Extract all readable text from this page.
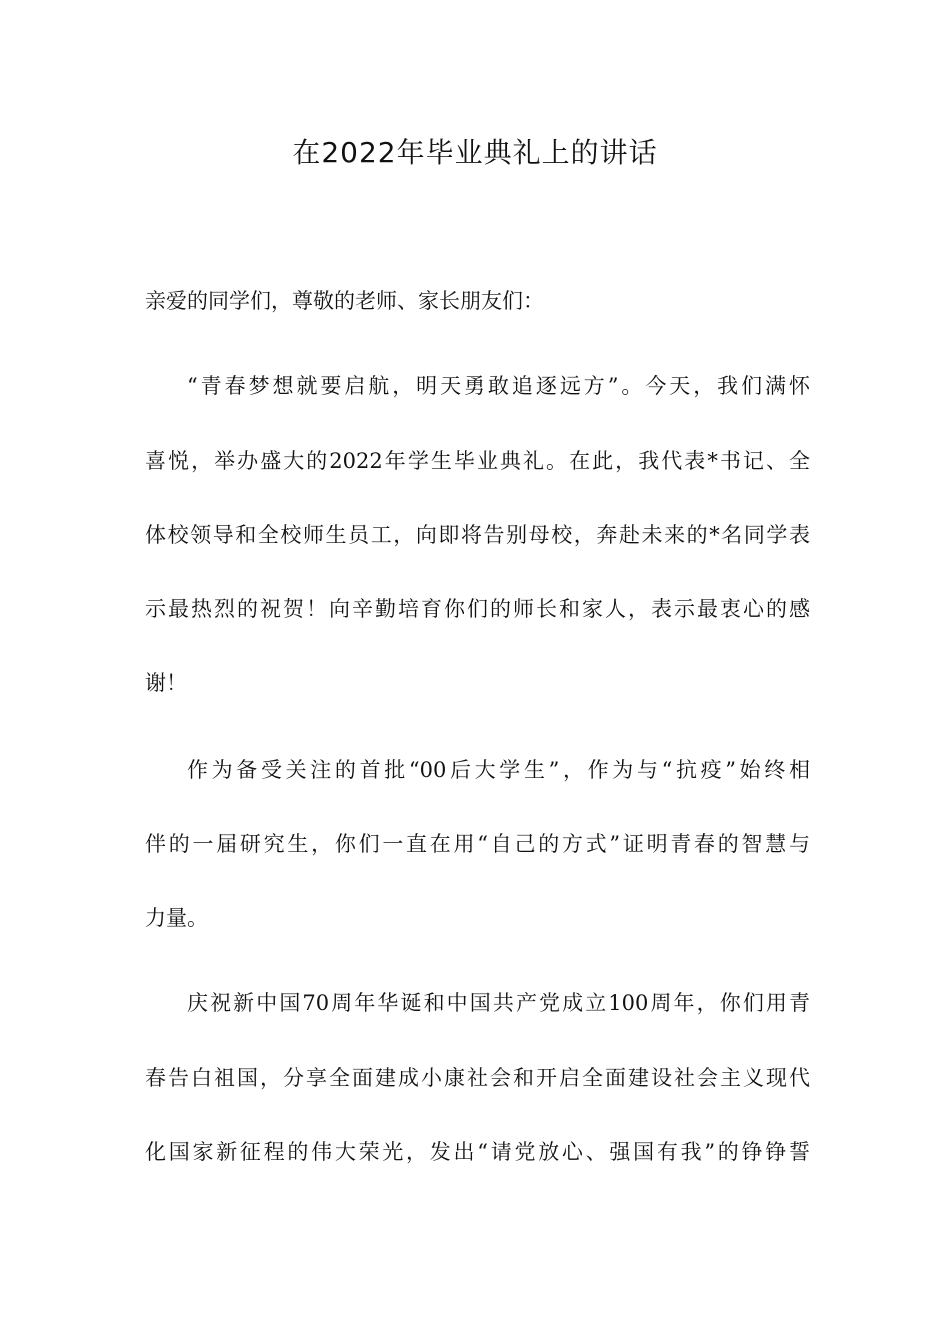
在2022年毕业典礼上的讲话

亲爱的同学们，尊敬的老师、家长朋友们：

“青春梦想就要启航，明天勇敢追逐远方”。今天，我们满怀

喜悦，举办盛大的2022年学生毕业典礼。在此，我代表*书记、全

体校领导和全校师生员工，向即将告别母校，奔赴未来的*名同学表

示最热烈的祝贺！向辛勤培育你们的师长和家人，表示最衷心的感

谢！

作为备受关注的首批“00后大学生”，作为与“抗疫”始终相

伴的一届研究生，你们一直在用“自己的方式”证明青春的智慧与

力量。

庆祝新中国70周年华诞和中国共产党成立100周年，你们用青

春告白祖国，分享全面建成小康社会和开启全面建设社会主义现代

化国家新征程的伟大荣光，发出“请党放心、强国有我”的铮铮誓
